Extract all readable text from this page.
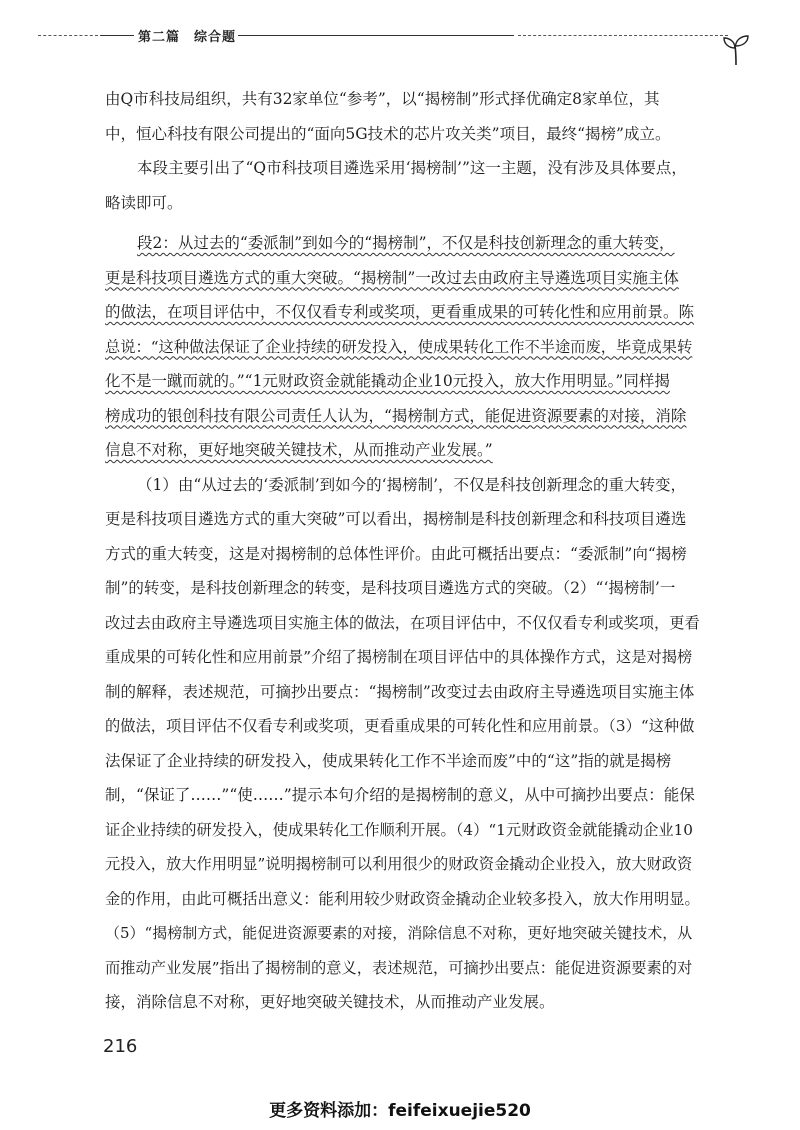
第二篇　综合题
由Q市科技局组织，共有32家单位“参考”，以“揭榜制”形式择优确定8家单位，其
中，恒心科技有限公司提出的“面向5G技术的芯片攻关类”项目，最终“揭榜”成立。
本段主要引出了“Q市科技项目遴选采用‘揭榜制’”这一主题，没有涉及具体要点，
略读即可。
段2：从过去的“委派制”到如今的“揭榜制”，不仅是科技创新理念的重大转变，
更是科技项目遴选方式的重大突破。“揭榜制”一改过去由政府主导遴选项目实施主体
的做法，在项目评估中，不仅仅看专利或奖项，更看重成果的可转化性和应用前景。陈
总说：“这种做法保证了企业持续的研发投入，使成果转化工作不半途而废，毕竟成果转
化不是一蹴而就的。”“1元财政资金就能撬动企业10元投入，放大作用明显。”同样揭
榜成功的银创科技有限公司责任人认为，“揭榜制方式，能促进资源要素的对接，消除
信息不对称，更好地突破关键技术，从而推动产业发展。”
（1）由“从过去的‘委派制’到如今的‘揭榜制’，不仅是科技创新理念的重大转变，
更是科技项目遴选方式的重大突破”可以看出，揭榜制是科技创新理念和科技项目遴选
方式的重大转变，这是对揭榜制的总体性评价。由此可概括出要点：“委派制”向“揭榜
制”的转变，是科技创新理念的转变，是科技项目遴选方式的突破。（2）“‘揭榜制’一
改过去由政府主导遴选项目实施主体的做法，在项目评估中，不仅仅看专利或奖项，更看
重成果的可转化性和应用前景”介绍了揭榜制在项目评估中的具体操作方式，这是对揭榜
制的解释，表述规范，可摘抄出要点：“揭榜制”改变过去由政府主导遴选项目实施主体
的做法，项目评估不仅看专利或奖项，更看重成果的可转化性和应用前景。（3）“这种做
法保证了企业持续的研发投入，使成果转化工作不半途而废”中的“这”指的就是揭榜
制，“保证了……”“使……”提示本句介绍的是揭榜制的意义，从中可摘抄出要点：能保
证企业持续的研发投入，使成果转化工作顺利开展。（4）“1元财政资金就能撬动企业10
元投入，放大作用明显”说明揭榜制可以利用很少的财政资金撬动企业投入，放大财政资
金的作用，由此可概括出意义：能利用较少财政资金撬动企业较多投入，放大作用明显。
（5）“揭榜制方式，能促进资源要素的对接，消除信息不对称，更好地突破关键技术，从
而推动产业发展”指出了揭榜制的意义，表述规范，可摘抄出要点：能促进资源要素的对
接，消除信息不对称，更好地突破关键技术，从而推动产业发展。
216
更多资料添加：feifeixuejie520
